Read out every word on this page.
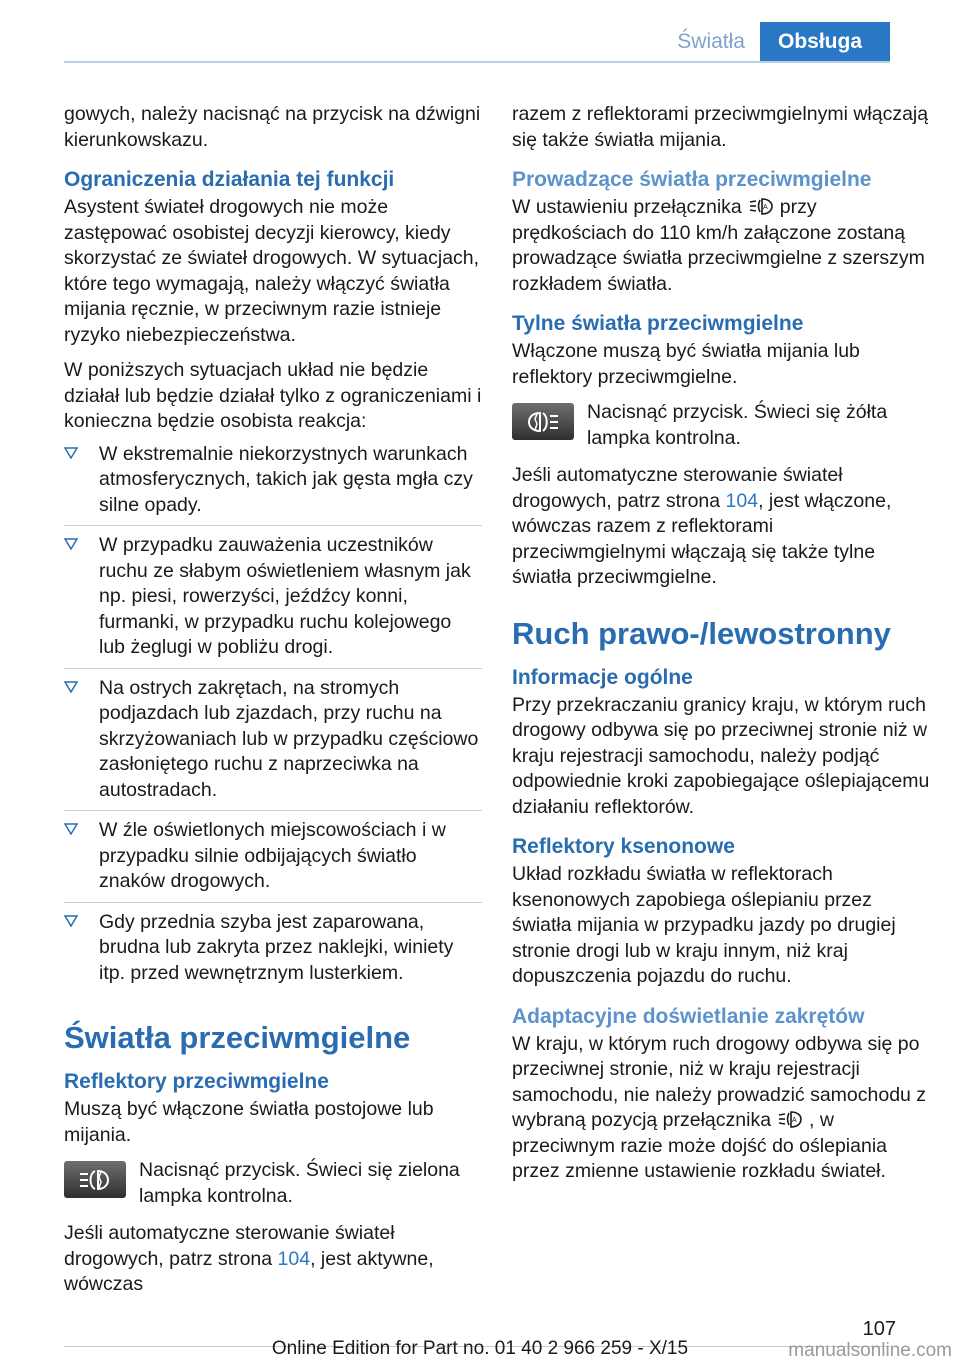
Światła	Obsługa

gowych, należy nacisnąć na przycisk na dźwigni kierunkowskazu.

Ograniczenia działania tej funkcji

Asystent świateł drogowych nie może zastępować osobistej decyzji kierowcy, kiedy skorzystać ze świateł drogowych. W sytuacjach, które tego wymagają, należy włączyć światła mijania ręcznie, w przeciwnym razie istnieje ryzyko niebezpieczeństwa.

W poniższych sytuacjach układ nie będzie działał lub będzie działał tylko z ograniczeniami i konieczna będzie osobista reakcja:

W ekstremalnie niekorzystnych warunkach atmosferycznych, takich jak gęsta mgła czy silne opady.
W przypadku zauważenia uczestników ruchu ze słabym oświetleniem własnym jak np. piesi, rowerzyści, jeźdźcy konni, furmanki, w przypadku ruchu kolejowego lub żeglugi w pobliżu drogi.
Na ostrych zakrętach, na stromych podjazdach lub zjazdach, przy ruchu na skrzyżowaniach lub w przypadku częściowo zasłoniętego ruchu z naprzeciwka na autostradach.
W źle oświetlonych miejscowościach i w przypadku silnie odbijających światło znaków drogowych.
Gdy przednia szyba jest zaparowana, brudna lub zakryta przez naklejki, winiety itp. przed wewnętrznym lusterkiem.
Światła przeciwmgielne
Reflektory przeciwmgielne

Muszą być włączone światła postojowe lub mijania.

Nacisnąć przycisk. Świeci się zielona lampka kontrolna.

Jeśli automatyczne sterowanie świateł drogowych, patrz strona 104, jest aktywne, wówczas

razem z reflektorami przeciwmgielnymi włączają się także światła mijania.

Prowadzące światła przeciwmgielne

W ustawieniu przełącznika	A przy prędkościach do 110 km/h załączone zostaną prowadzące światła przeciwmgielne z szerszym rozkładem światła.

Tylne światła przeciwmgielne

Włączone muszą być światła mijania lub reflektory przeciwmgielne.

Nacisnąć przycisk. Świeci się żółta lampka kontrolna.

Jeśli automatyczne sterowanie świateł drogowych, patrz strona 104, jest włączone, wówczas razem z reflektorami przeciwmgielnymi włączają się także tylne światła przeciwmgielne.

Ruch prawo-/lewostronny
Informacje ogólne

Przy przekraczaniu granicy kraju, w którym ruch drogowy odbywa się po przeciwnej stronie niż w kraju rejestracji samochodu, należy podjąć odpowiednie kroki zapobiegające oślepiającemu działaniu reflektorów.

Reflektory ksenonowe

Układ rozkładu światła w reflektorach ksenonowych zapobiega oślepianiu przez światła mijania w przypadku jazdy po drugiej stronie drogi lub w kraju innym, niż kraj dopuszczenia pojazdu do ruchu.

Adaptacyjne doświetlanie zakrętów

W kraju, w którym ruch drogowy odbywa się po przeciwnej stronie, niż w kraju rejestracji samochodu, nie należy prowadzić samochodu z wybraną pozycją przełącznika	A , w przeciwnym razie może dojść do oślepiania przez zmienne ustawienie rozkładu świateł.

107
Online Edition for Part no. 01 40 2 966 259 - X/15	manualsonline.com
